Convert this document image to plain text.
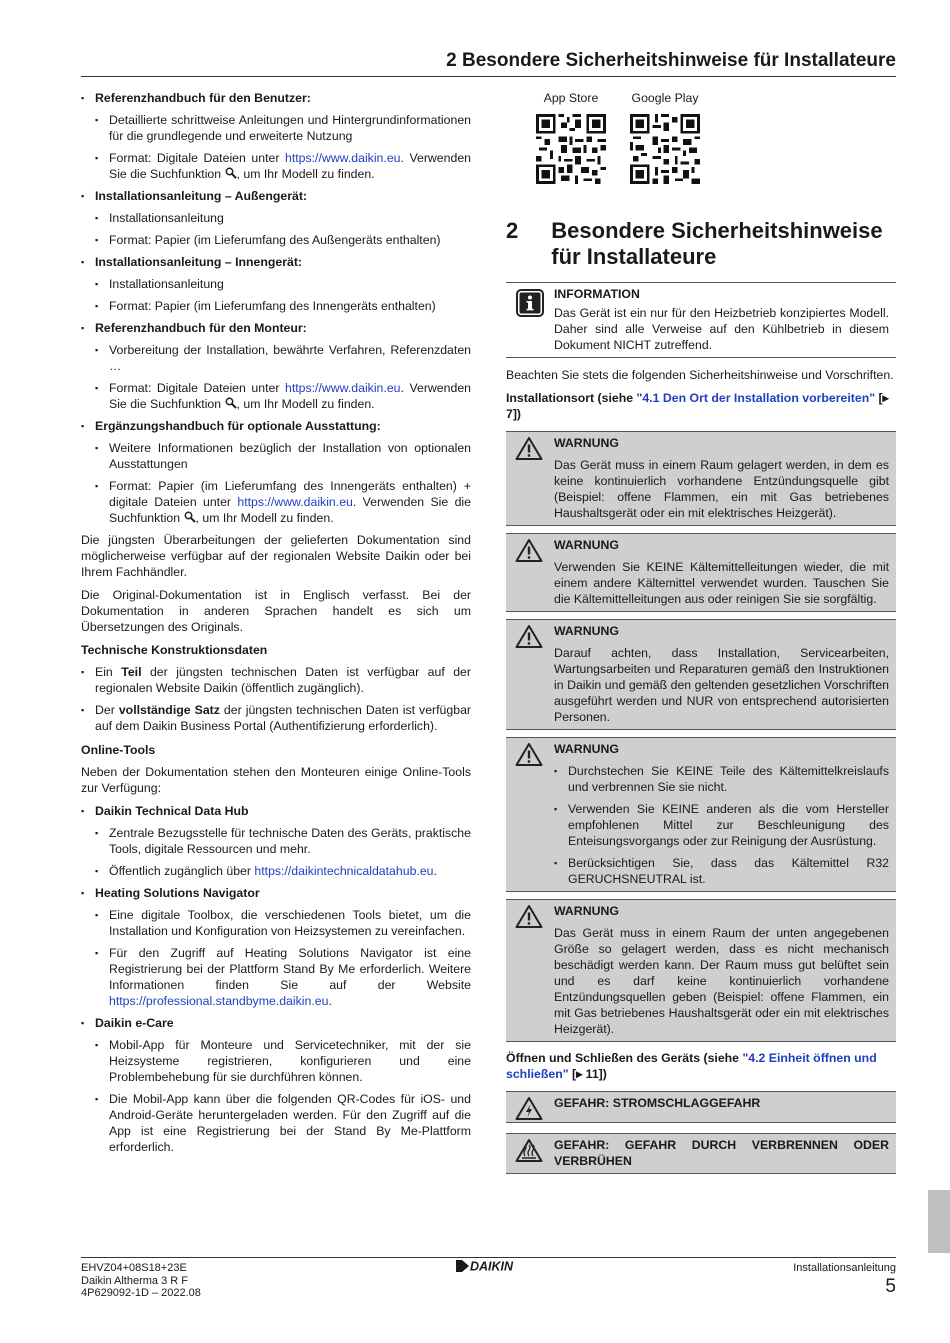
2 Besondere Sicherheitshinweise für Installateure
▪ Referenzhandbuch für den Benutzer:
▪ Detaillierte schrittweise Anleitungen und Hintergrundinformationen für die grundlegende und erweiterte Nutzung
▪ Format: Digitale Dateien unter https://www.daikin.eu. Verwenden Sie die Suchfunktion , um Ihr Modell zu finden.
▪ Installationsanleitung – Außengerät:
▪ Installationsanleitung
▪ Format: Papier (im Lieferumfang des Außengeräts enthalten)
▪ Installationsanleitung – Innengerät:
▪ Installationsanleitung
▪ Format: Papier (im Lieferumfang des Innengeräts enthalten)
▪ Referenzhandbuch für den Monteur:
▪ Vorbereitung der Installation, bewährte Verfahren, Referenzdaten …
▪ Format: Digitale Dateien unter https://www.daikin.eu. Verwenden Sie die Suchfunktion , um Ihr Modell zu finden.
▪ Ergänzungshandbuch für optionale Ausstattung:
▪ Weitere Informationen bezüglich der Installation von optionalen Ausstattungen
▪ Format: Papier (im Lieferumfang des Innengeräts enthalten) + digitale Dateien unter https://www.daikin.eu. Verwenden Sie die Suchfunktion , um Ihr Modell zu finden.

Die jüngsten Überarbeitungen der gelieferten Dokumentation sind möglicherweise verfügbar auf der regionalen Website Daikin oder bei Ihrem Fachhändler.

Die Original-Dokumentation ist in Englisch verfasst. Bei der Dokumentation in anderen Sprachen handelt es sich um Übersetzungen des Originals.

Technische Konstruktionsdaten
▪ Ein Teil der jüngsten technischen Daten ist verfügbar auf der regionalen Website Daikin (öffentlich zugänglich).
▪ Der vollständige Satz der jüngsten technischen Daten ist verfügbar auf dem Daikin Business Portal (Authentifizierung erforderlich).
Online-Tools

Neben der Dokumentation stehen den Monteuren einige Online-Tools zur Verfügung:

▪ Daikin Technical Data Hub
▪ Zentrale Bezugsstelle für technische Daten des Geräts, praktische Tools, digitale Ressourcen und mehr.
▪ Öffentlich zugänglich über https://daikintechnicaldatahub.eu.
▪ Heating Solutions Navigator
▪ Eine digitale Toolbox, die verschiedenen Tools bietet, um die Installation und Konfiguration von Heizsystemen zu vereinfachen.
▪ Für den Zugriff auf Heating Solutions Navigator ist eine Registrierung bei der Plattform Stand By Me erforderlich. Weitere Informationen finden Sie auf der Website https://professional.standbyme.daikin.eu.
▪ Daikin e-Care
▪ Mobil-App für Monteure und Servicetechniker, mit der sie Heizsysteme registrieren, konfigurieren und eine Problembehebung für sie durchführen können.
▪ Die Mobil-App kann über die folgenden QR-Codes für iOS- und Android-Geräte heruntergeladen werden. Für den Zugriff auf die App ist eine Registrierung bei der Stand By Me-Plattform erforderlich.
App Store	Google Play
2	Besondere Sicherheitshinweise für Installateure
INFORMATION

Das Gerät ist ein nur für den Heizbetrieb konzipiertes Modell. Daher sind alle Verweise auf den Kühlbetrieb in diesem Dokument NICHT zutreffend.

Beachten Sie stets die folgenden Sicherheitshinweise und Vorschriften.

Installationsort (siehe "4.1 Den Ort der Installation vorbereiten" [▸ 7])
WARNUNG

Das Gerät muss in einem Raum gelagert werden, in dem es keine kontinuierlich vorhandene Entzündungsquelle gibt (Beispiel: offene Flammen, ein mit Gas betriebenes Haushaltsgerät oder ein mit elektrisches Heizgerät).

WARNUNG

Verwenden Sie KEINE Kältemittelleitungen wieder, die mit einem andere Kältemittel verwendet wurden. Tauschen Sie die Kältemittelleitungen aus oder reinigen Sie sie sorgfältig.

WARNUNG

Darauf achten, dass Installation, Servicearbeiten, Wartungsarbeiten und Reparaturen gemäß den Instruktionen in Daikin und gemäß den geltenden gesetzlichen Vorschriften ausgeführt werden und NUR von entsprechend autorisierten Personen.

WARNUNG
▪ Durchstechen Sie KEINE Teile des Kältemittelkreislaufs und verbrennen Sie sie nicht.
▪ Verwenden Sie KEINE anderen als die vom Hersteller empfohlenen Mittel zur Beschleunigung des Enteisungsvorgangs oder zur Reinigung der Ausrüstung.
▪ Berücksichtigen Sie, dass das Kältemittel R32 GERUCHSNEUTRAL ist.
WARNUNG

Das Gerät muss in einem Raum der unten angegebenen Größe so gelagert werden, dass es nicht mechanisch beschädigt werden kann. Der Raum muss gut belüftet sein und es darf keine kontinuierlich vorhandene Entzündungsquellen geben (Beispiel: offene Flammen, ein mit Gas betriebenes Haushaltsgerät oder ein mit elektrisches Heizgerät).

Öffnen und Schließen des Geräts (siehe "4.2 Einheit öffnen und schließen" [▸ 11])
GEFAHR: STROMSCHLAGGEFAHR
GEFAHR: GEFAHR DURCH VERBRENNEN ODER VERBRÜHEN
EHVZ04+08S18+23E
Daikin Altherma 3 R F
4P629092-1D – 2022.08
DAIKIN	Installationsanleitung
5
